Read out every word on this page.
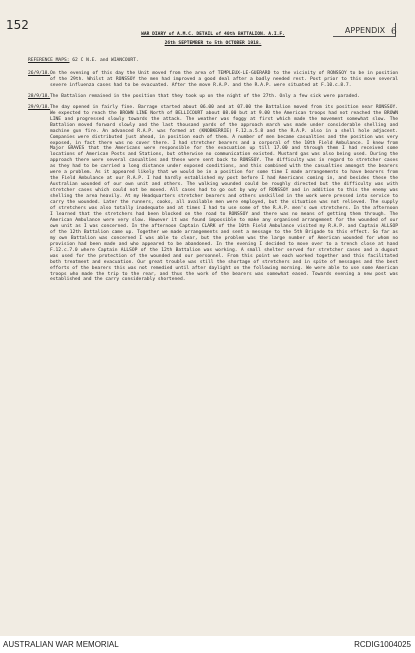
152	APPENDIX 6
WAR DIARY of A.M.C. DETAIL of 40th BATTALION. A.I.F.
26th SEPTEMBER to 5th OCTOBER 1918.
REFERENCE MAPS: 62 C N.E. and WIANCOURT.
26/9/18. On the evening of this day the Unit moved from the area of TEMPLEUX-LE-GUERARD to the vicinity of RONSSOY to be in position of the 29th. Whilst at RONSSOY the men had improved a good deal after a badly needed rest. Post prior to this move several severe influenza cases had to be evacuated. After the move R.A.P. and the R.A.P. were situated at F.10.c.8.7.
28/9/18. The Battalion remained in the position that they took up on the night of the 27th. Only a few sick were paraded.
29/9/18. The day opened in fairly fine. Barrage started about 06.00 and at 07.00 the Battalion moved from its position near RONSSOY. We expected to reach the BROWN LINE North of BELLICOURT about 08.00 but at 9.00 the American troops had not reached the BROWN LINE and progressed slowly towards the attack. The weather was foggy at first which made the movement somewhat slow. The Battalion moved forward slowly and the last thousand yards of the approach march was made under considerable shelling and machine gun fire. An advanced R.A.P. was formed at (KNOBKERRIE) F.12.a.5.8 and the R.A.P. also in a shell hole adjacent. Companies were distributed just ahead, in position each of them. A number of men became casualties and the position was very exposed, in fact there was no cover there. I had stretcher bearers and a corporal of the 10th Field Ambulance. I knew from Major GRAVES that the Americans were responsible for the evacuation up till 17.00 and through them I had received some locations of American Posts and Stations, but otherwise no communication existed. Mustard gas was also being used. During the approach there were several casualties and these were sent back to RONSSOY. The difficulty was in regard to stretcher cases as they had to be carried a long distance under exposed conditions, and this combined with the casualties amongst the bearers were a problem. As it appeared likely that we would be in a position for some time I made arrangements to have bearers from the Field Ambulance at our R.A.P. I had hardly established my post before I had Americans coming in, and besides these the Australian wounded of our own unit and others. The walking wounded could be roughly directed but the difficulty was with stretcher cases which could not be moved. All cases had to go out by way of RONSSOY and in addition to this the enemy was shelling the area heavily. At my Headquarters stretcher bearers and others unskilled in the work were pressed into service to carry the wounded. Later the runners, cooks, all available men were employed, but the situation was not relieved. The supply of stretchers was also totally inadequate and at times I had to use some of the R.A.P. men's own stretchers. In the afternoon I learned that the stretchers had been blocked on the road to RONSSOY and there was no means of getting them through. The American Ambulance were very slow. However it was found impossible to make any organised arrangement for the wounded of our own unit as I was concerned. In the afternoon Captain CLARK of the 10th Field Ambulance visited my R.A.P. and Captain ALLSOP of the 12th Battalion came up. Together we made arrangements and sent a message to the 5th Brigade to this effect. So far as my own Battalion was concerned I was able to clear, but the problem was the large number of American wounded for whom no provision had been made and who appeared to be abandoned. In the evening I decided to move over to a trench close at hand F.12.c.7.0 where Captain ALLSOP of the 12th Battalion was working. A small shelter served for stretcher cases and a dugout was used for the protection of the wounded and our personnel. From this point we each worked together and this facilitated both treatment and evacuation. Our great trouble was still the shortage of stretchers and in spite of messages and the best efforts of the bearers this was not remedied until after daylight on the following morning. We were able to use some American troops who made the trip to the rear, and thus the work of the bearers was somewhat eased. Towards evening a new post was established and the carry considerably shortened.
AUSTRALIAN WAR MEMORIAL	RCDIG1004025
